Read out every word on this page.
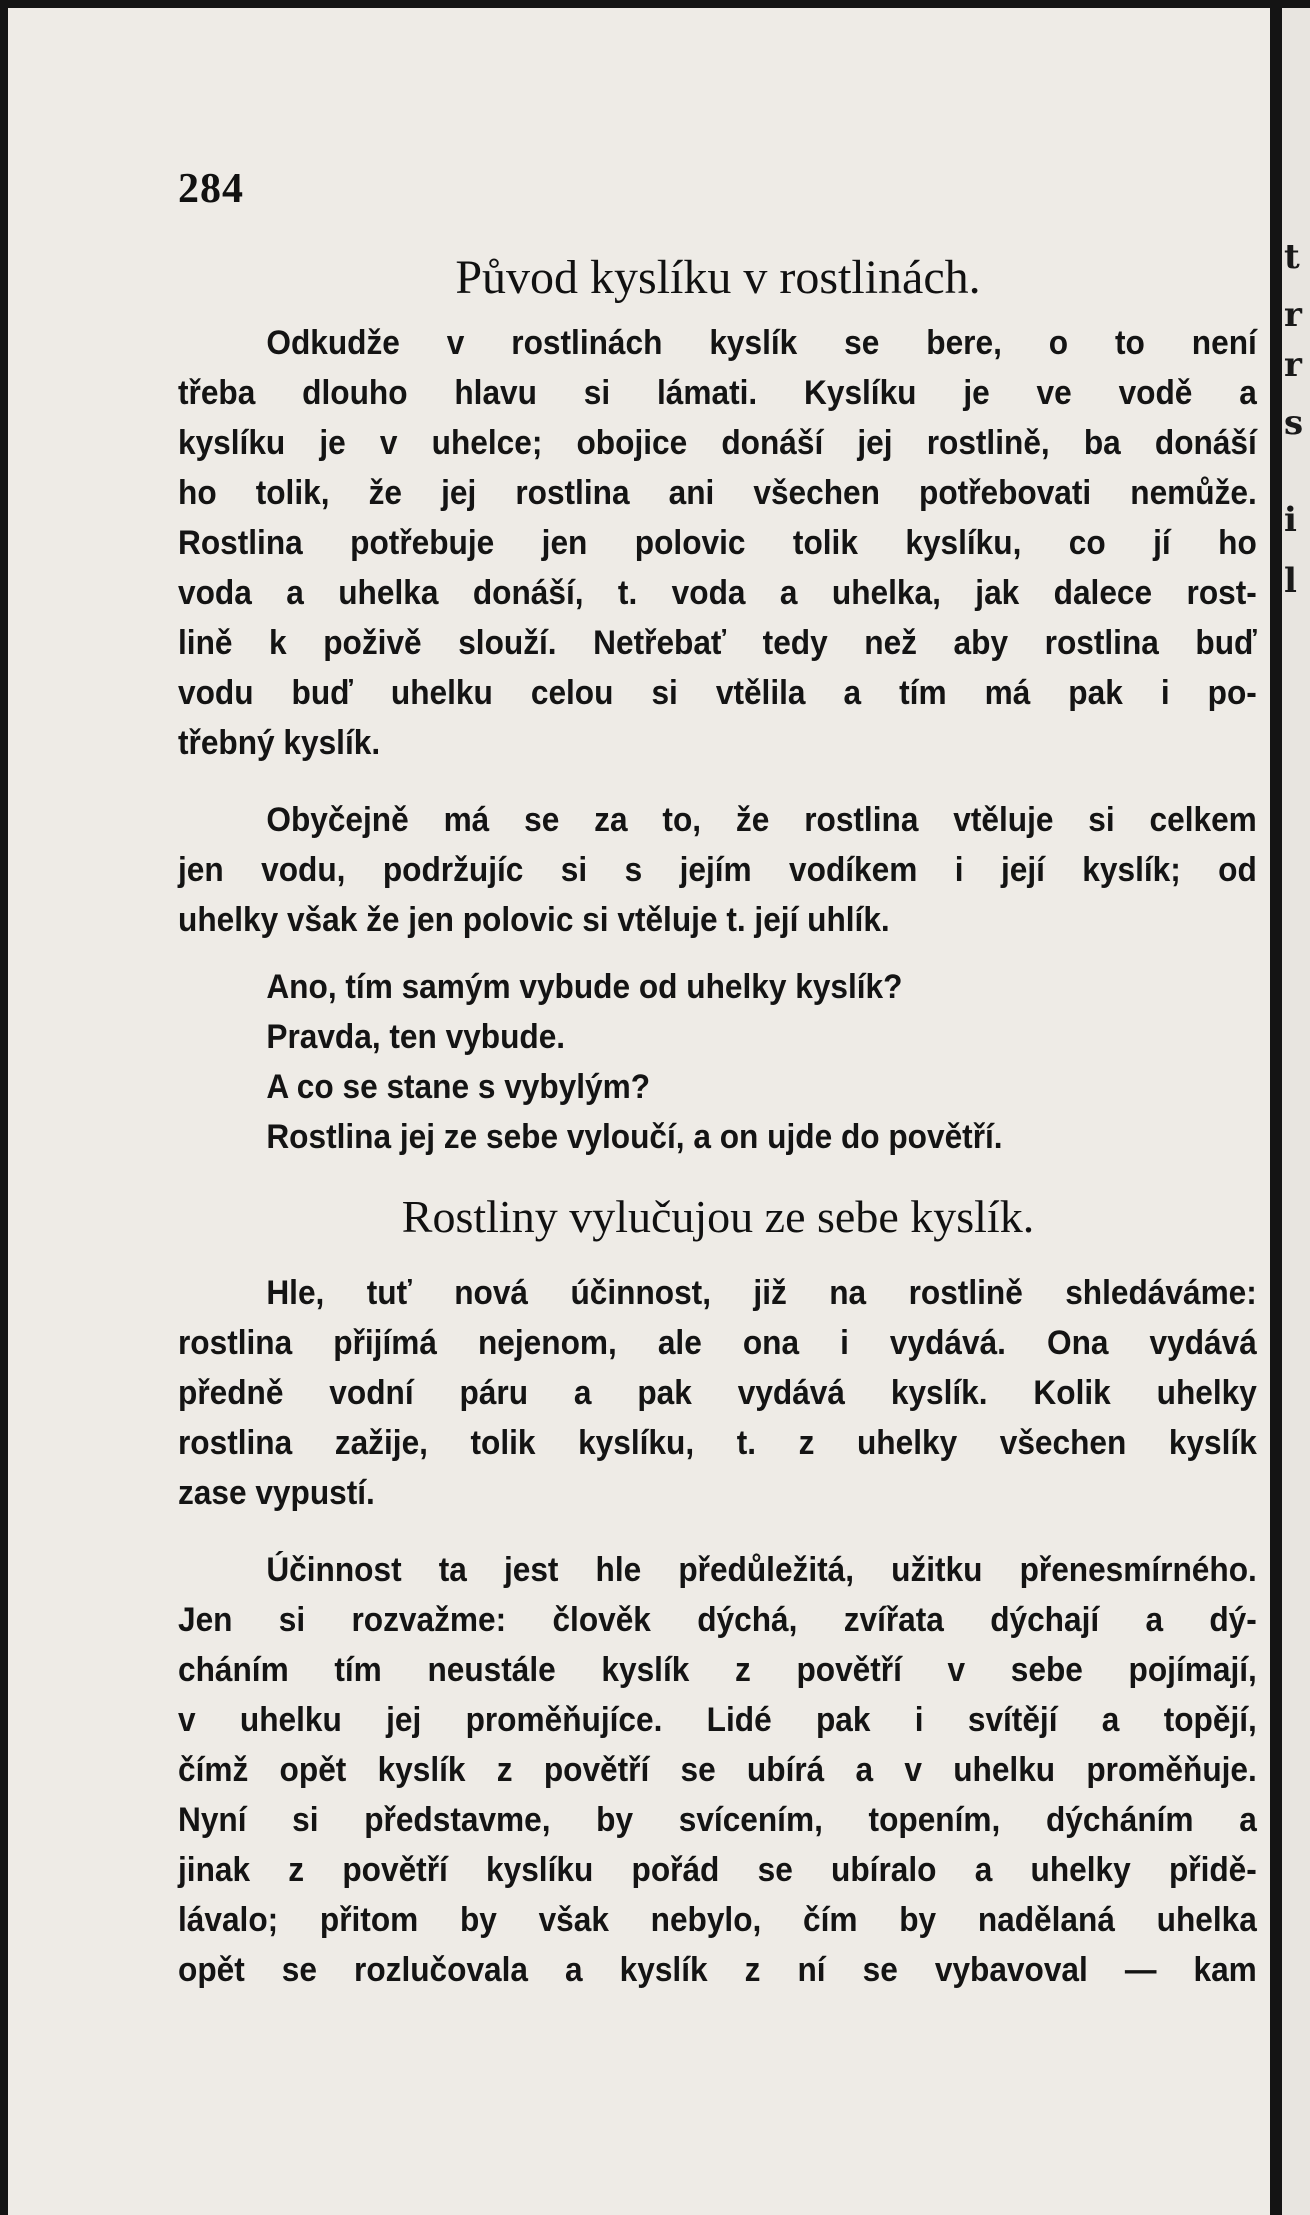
t
r
r
s
i
l
284
Původ kyslíku v rostlinách.
Odkudže v rostlinách kyslík se bere, o to není
třeba dlouho hlavu si lámati. Kyslíku je ve vodě a
kyslíku je v uhelce; obojice donáší jej rostlině, ba donáší
ho tolik, že jej rostlina ani všechen potřebovati nemůže.
Rostlina potřebuje jen polovic tolik kyslíku, co jí ho
voda a uhelka donáší, t. voda a uhelka, jak dalece rost-
lině k poživě slouží. Netřebať tedy než aby rostlina buď
vodu buď uhelku celou si vtělila a tím má pak i po-
třebný kyslík.
Obyčejně má se za to, že rostlina vtěluje si celkem
jen vodu, podržujíc si s jejím vodíkem i její kyslík; od
uhelky však že jen polovic si vtěluje t. její uhlík.
Ano, tím samým vybude od uhelky kyslík?
Pravda, ten vybude.
A co se stane s vybylým?
Rostlina jej ze sebe vyloučí, a on ujde do povětří.
Rostliny vylučujou ze sebe kyslík.
Hle, tuť nová účinnost, již na rostlině shledáváme:
rostlina přijímá nejenom, ale ona i vydává. Ona vydává
předně vodní páru a pak vydává kyslík. Kolik uhelky
rostlina zažije, tolik kyslíku, t. z uhelky všechen kyslík
zase vypustí.
Účinnost ta jest hle předůležitá, užitku přenesmírného.
Jen si rozvažme: člověk dýchá, zvířata dýchají a dý-
cháním tím neustále kyslík z povětří v sebe pojímají,
v uhelku jej proměňujíce. Lidé pak i svítějí a topějí,
čímž opět kyslík z povětří se ubírá a v uhelku proměňuje.
Nyní si představme, by svícením, topením, dýcháním a
jinak z povětří kyslíku pořád se ubíralo a uhelky přidě-
lávalo; přitom by však nebylo, čím by nadělaná uhelka
opět se rozlučovala a kyslík z ní se vybavoval — kam
